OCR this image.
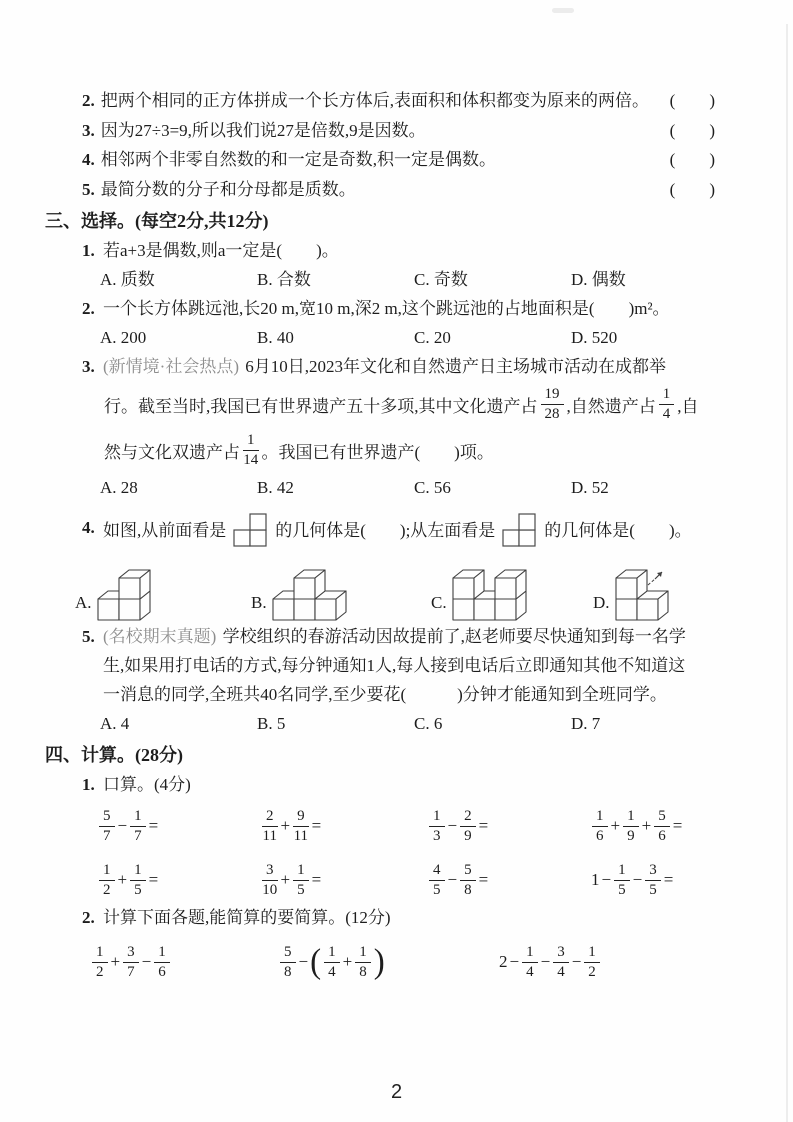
2. 把两个相同的正方体拼成一个长方体后,表面积和体积都变为原来的两倍。 (　　)
3. 因为27÷3=9,所以我们说27是倍数,9是因数。	(　　)
4. 相邻两个非零自然数的和一定是奇数,积一定是偶数。	(　　)
5. 最简分数的分子和分母都是质数。	(　　)
三、选择。(每空2分,共12分)
1. 若a+3是偶数,则a一定是(　　)。
A. 质数	B. 合数	C. 奇数	D. 偶数
2. 一个长方体跳远池,长20 m,宽10 m,深2 m,这个跳远池的占地面积是(　　)m²。
A. 200	B. 40	C. 20	D. 520
3. (新情境·社会热点) 6月10日,2023年文化和自然遗产日主场城市活动在成都举
行。截至当时,我国已有世界遗产五十多项,其中文化遗产占 $\frac{19}{28}$ ,自然遗产占 $\frac{1}{4}$ ,自
然与文化双遗产占 $\frac{1}{14}$ 。我国已有世界遗产(　　)项。
A. 28	B. 42	C. 56	D. 52
4. 如图,从前面看是	的几何体是(　　);从左面看是	的几何体是(　　)。
A.	B.	C.	D.
5. (名校期末真题) 学校组织的春游活动因故提前了,赵老师要尽快通知到每一名学
生,如果用打电话的方式,每分钟通知1人,每人接到电话后立即通知其他不知道这
一消息的同学,全班共40名同学,至少要花(　　　)分钟才能通知到全班同学。
A. 4	B. 5	C. 6	D. 7
四、计算。(28分)
1. 口算。(4分)
$\frac{5}{7} - \frac{1}{7}$ =	$\frac{2}{11} + \frac{9}{11}$ =	$\frac{1}{3} - \frac{2}{9}$ =	$\frac{1}{6} + \frac{1}{9} + \frac{5}{6}$ =
$\frac{1}{2} + \frac{1}{5}$ =	$\frac{3}{10} + \frac{1}{5}$ =	$\frac{4}{5} - \frac{5}{8}$ =	$1 - \frac{1}{5} - \frac{3}{5}$ =
2. 计算下面各题,能简算的要简算。(12分)
$\frac{1}{2} + \frac{3}{7} - \frac{1}{6}$	$\frac{5}{8}$ − ( $\frac{1}{4} + \frac{1}{8}$ )	$2 - \frac{1}{4} - \frac{3}{4} - \frac{1}{2}$
2
